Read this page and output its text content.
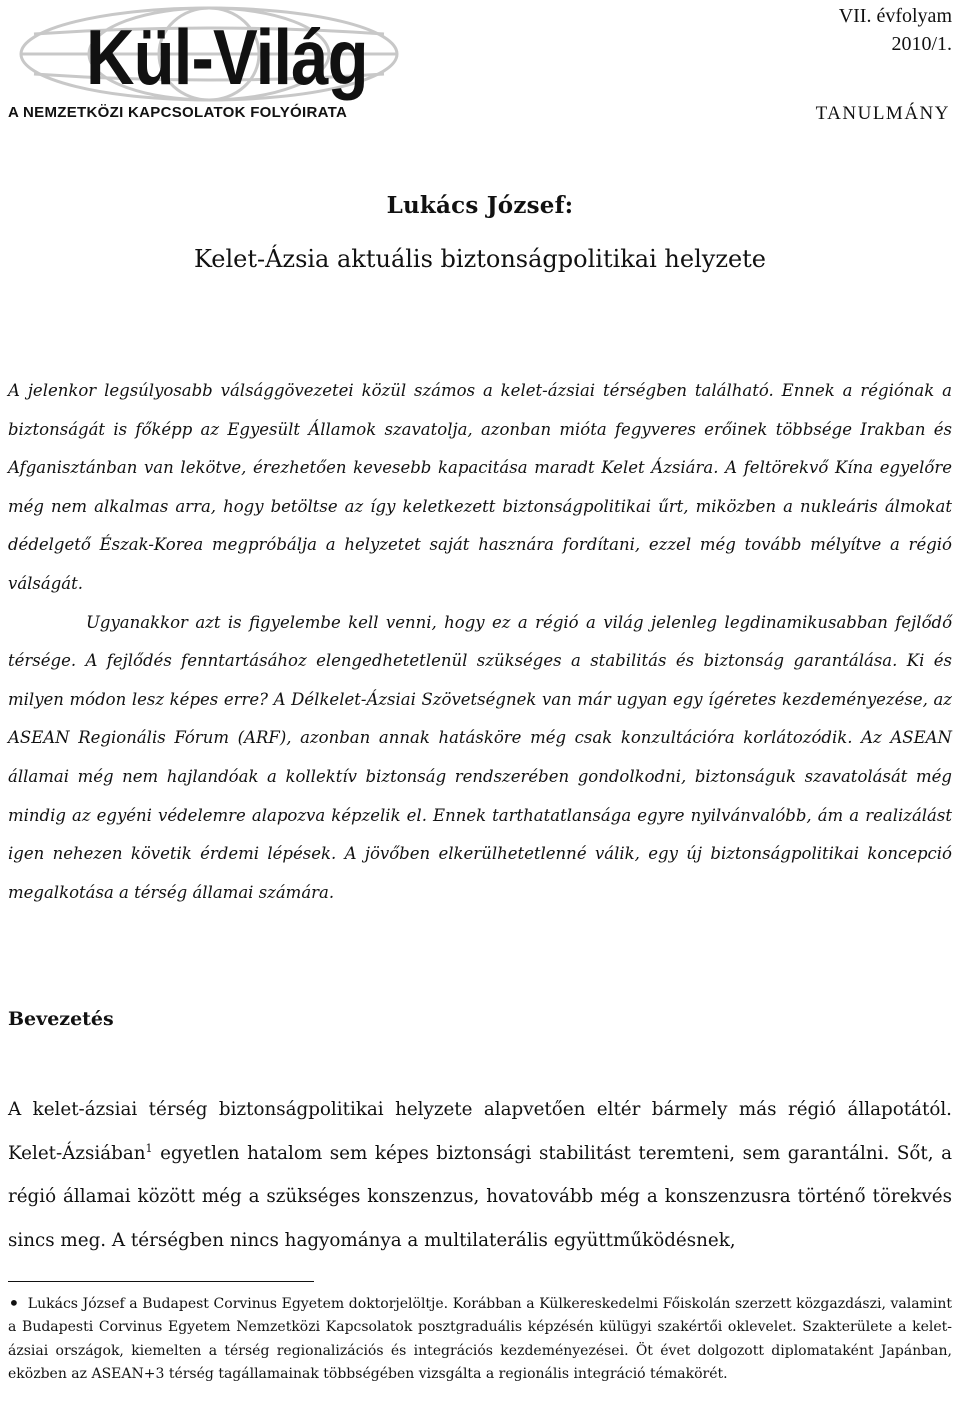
Kül-Világ
A NEMZETKÖZI KAPCSOLATOK FOLYÓIRATA
VII. évfolyam
2010/1.
TANULMÁNY
Lukács József:
Kelet-Ázsia aktuális biztonságpolitikai helyzete

A jelenkor legsúlyosabb válsággövezetei közül számos a kelet-ázsiai térségben található. Ennek a régiónak a biztonságát is főképp az Egyesült Államok szavatolja, azonban mióta fegyveres erőinek többsége Irakban és Afganisztánban van lekötve, érezhetően kevesebb kapacitása maradt Kelet Ázsiára. A feltörekvő Kína egyelőre még nem alkalmas arra, hogy betöltse az így keletkezett biztonságpolitikai űrt, miközben a nukleáris álmokat dédelgető Észak-Korea megpróbálja a helyzetet saját hasznára fordítani, ezzel még tovább mélyítve a régió válságát.

Ugyanakkor azt is figyelembe kell venni, hogy ez a régió a világ jelenleg legdinamikusabban fejlődő térsége. A fejlődés fenntartásához elengedhetetlenül szükséges a stabilitás és biztonság garantálása. Ki és milyen módon lesz képes erre? A Délkelet-Ázsiai Szövetségnek van már ugyan egy ígéretes kezdeményezése, az ASEAN Regionális Fórum (ARF), azonban annak hatásköre még csak konzultációra korlátozódik. Az ASEAN államai még nem hajlandóak a kollektív biztonság rendszerében gondolkodni, biztonságuk szavatolását még mindig az egyéni védelemre alapozva képzelik el. Ennek tarthatatlansága egyre nyilvánvalóbb, ám a realizálást igen nehezen követik érdemi lépések. A jövőben elkerülhetetlenné válik, egy új biztonságpolitikai koncepció megalkotása a térség államai számára.

Bevezetés

A kelet-ázsiai térség biztonságpolitikai helyzete alapvetően eltér bármely más régió állapotától. Kelet-Ázsiában$^1$ egyetlen hatalom sem képes biztonsági stabilitást teremteni, sem garantálni. Sőt, a régió államai között még a szükséges konszenzus, hovatovább még a konszenzusra történő törekvés sincs meg. A térségben nincs hagyománya a multilaterális együttműködésnek,

• Lukács József a Budapest Corvinus Egyetem doktorjelöltje. Korábban a Külkereskedelmi Főiskolán szerzett közgazdászi, valamint a Budapesti Corvinus Egyetem Nemzetközi Kapcsolatok posztgraduális képzésén külügyi szakértői oklevelet. Szakterülete a kelet-ázsiai országok, kiemelten a térség regionalizációs és integrációs kezdeményezései. Öt évet dolgozott diplomataként Japánban, eközben az ASEAN+3 térség tagállamainak többségében vizsgálta a regionális integráció témakörét.
